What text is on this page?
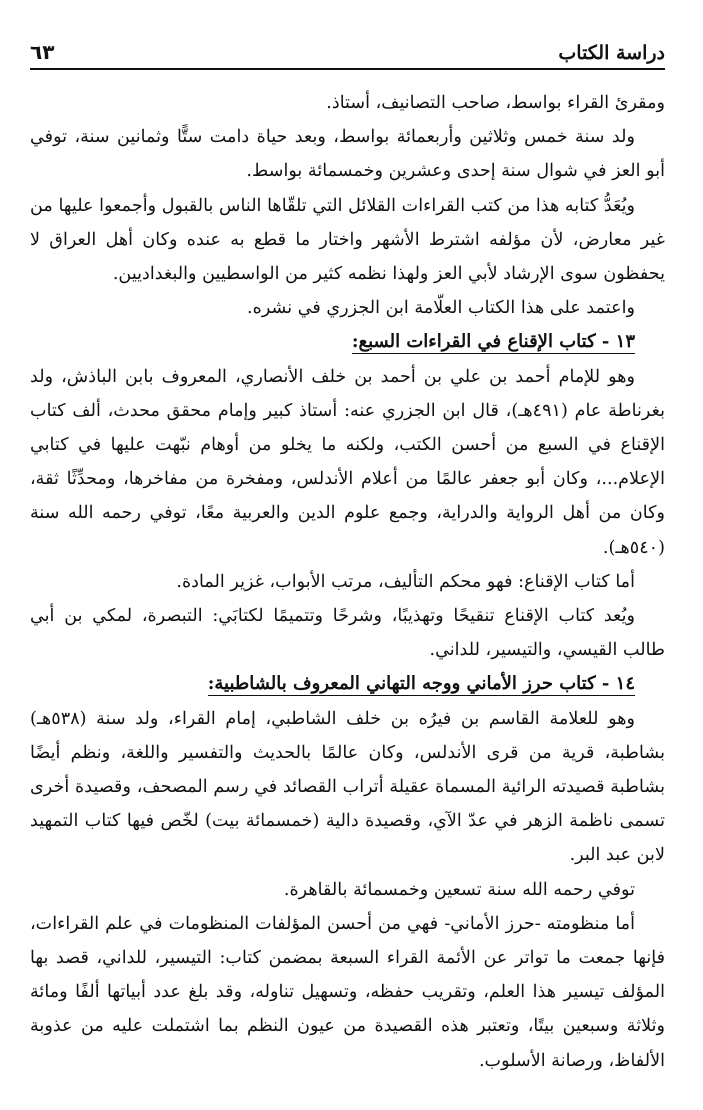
دراسة الكتاب
٦٣

ومقرئ القراء بواسط، صاحب التصانيف، أستاذ.

ولد سنة خمس وثلاثين وأربعمائة بواسط، وبعد حياة دامت ستًّا وثمانين سنة، توفي أبو العز في شوال سنة إحدى وعشرين وخمسمائة بواسط.

ويُعَدُّ كتابه هذا من كتب القراءات القلائل التي تلقّاها الناس بالقبول وأجمعوا عليها من غير معارض، لأن مؤلفه اشترط الأشهر واختار ما قطع به عنده وكان أهل العراق لا يحفظون سوى الإرشاد لأبي العز ولهذا نظمه كثير من الواسطيين والبغداديين.

واعتمد على هذا الكتاب العلّامة ابن الجزري في نشره.

١٣ - كتاب الإقناع في القراءات السبع:

وهو للإمام أحمد بن علي بن أحمد بن خلف الأنصاري، المعروف بابن الباذش، ولد بغرناطة عام (٤٩١هـ)، قال ابن الجزري عنه: أستاذ كبير وإمام محقق محدث، ألف كتاب الإقناع في السبع من أحسن الكتب، ولكنه ما يخلو من أوهام نبّهت عليها في كتابي الإعلام...، وكان أبو جعفر عالمًا من أعلام الأندلس، ومفخرة من مفاخرها، ومحدِّثًا ثقة، وكان من أهل الرواية والدراية، وجمع علوم الدين والعربية معًا، توفي رحمه الله سنة (٥٤٠هـ).

أما كتاب الإقناع: فهو محكم التأليف، مرتب الأبواب، غزير المادة.

ويُعد كتاب الإقناع تنقيحًا وتهذيبًا، وشرحًا وتتميمًا لكتابَي: التبصرة، لمكي بن أبي طالب القيسي، والتيسير، للداني.

١٤ - كتاب حرز الأماني ووجه التهاني المعروف بالشاطبية:

وهو للعلامة القاسم بن فيرُه بن خلف الشاطبي، إمام القراء، ولد سنة (٥٣٨هـ) بشاطبة، قرية من قرى الأندلس، وكان عالمًا بالحديث والتفسير واللغة، ونظم أيضًا بشاطبة قصيدته الرائية المسماة عقيلة أتراب القصائد في رسم المصحف، وقصيدة أخرى تسمى ناظمة الزهر في عدّ الآي، وقصيدة دالية (خمسمائة بيت) لخّص فيها كتاب التمهيد لابن عبد البر.

توفي رحمه الله سنة تسعين وخمسمائة بالقاهرة.

أما منظومته -حرز الأماني- فهي من أحسن المؤلفات المنظومات في علم القراءات، فإنها جمعت ما تواتر عن الأئمة القراء السبعة بمضمن كتاب: التيسير، للداني، قصد بها المؤلف تيسير هذا العلم، وتقريب حفظه، وتسهيل تناوله، وقد بلغ عدد أبياتها ألفًا ومائة وثلاثة وسبعين بيتًا، وتعتبر هذه القصيدة من عيون النظم بما اشتملت عليه من عذوبة الألفاظ، ورصانة الأسلوب.
